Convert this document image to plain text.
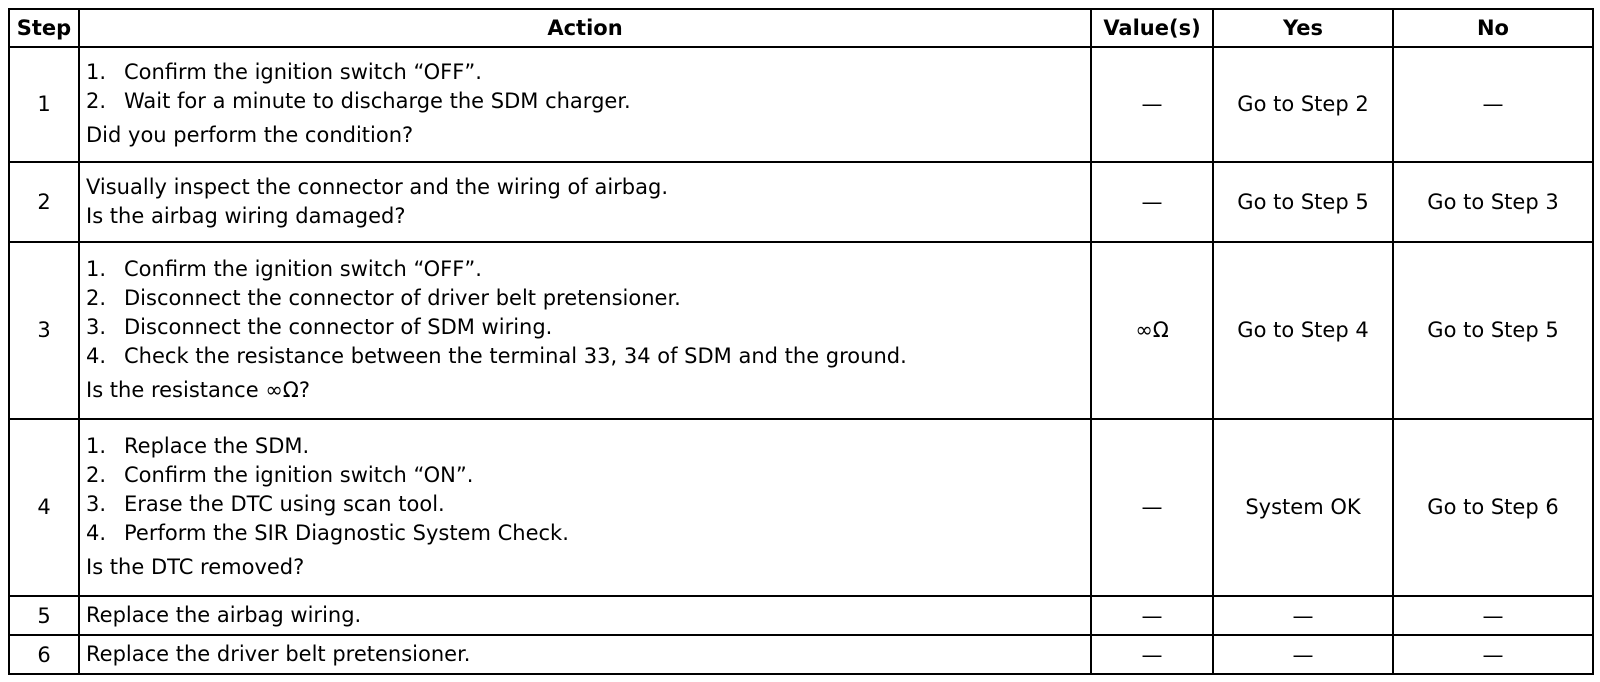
Step	Action	Value(s)	Yes	No
1	1. Confirm the ignition switch “OFF”.
2. Wait for a minute to discharge the SDM charger.
Did you perform the condition?	—	Go to Step 2	—
2	Visually inspect the connector and the wiring of airbag.
Is the airbag wiring damaged?	—	Go to Step 5	Go to Step 3
3	1. Confirm the ignition switch “OFF”.
2. Disconnect the connector of driver belt pretensioner.
3. Disconnect the connector of SDM wiring.
4. Check the resistance between the terminal 33, 34 of SDM and the ground.
Is the resistance ∞Ω?	∞Ω	Go to Step 4	Go to Step 5
4	1. Replace the SDM.
2. Confirm the ignition switch “ON”.
3. Erase the DTC using scan tool.
4. Perform the SIR Diagnostic System Check.
Is the DTC removed?	—	System OK	Go to Step 6
5	Replace the airbag wiring.	—	—	—
6	Replace the driver belt pretensioner.	—	—	—
